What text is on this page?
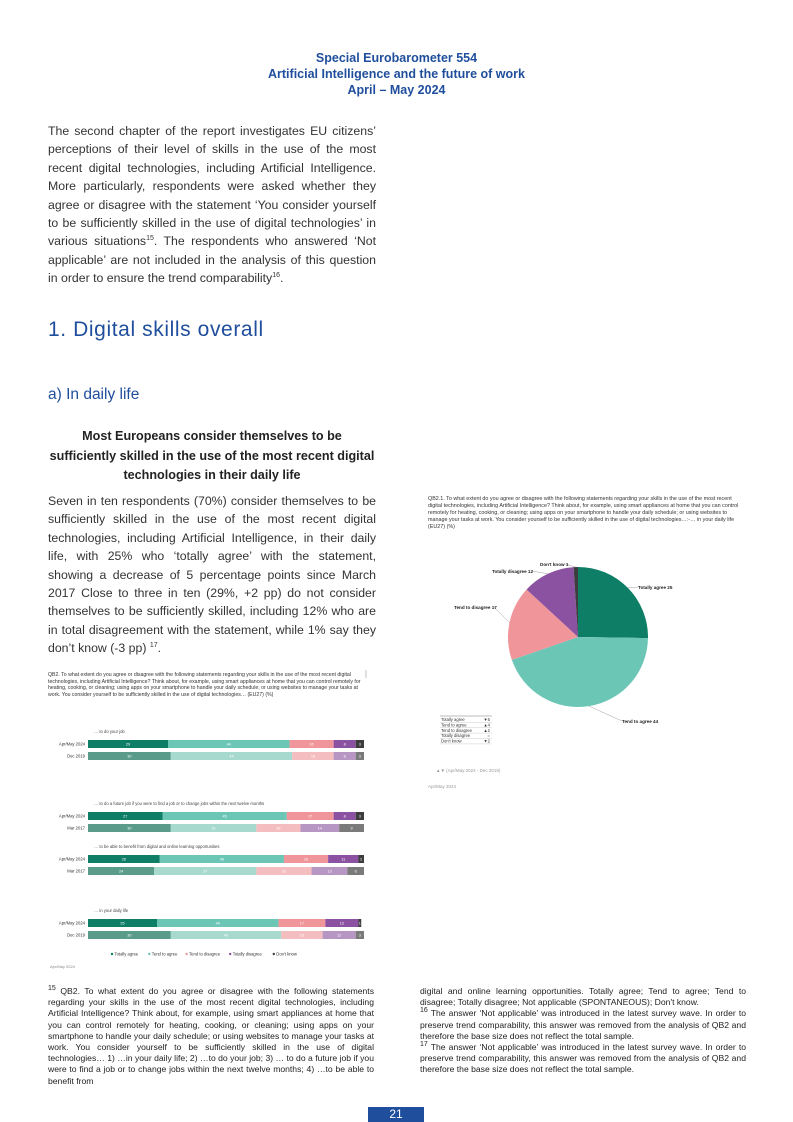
Special Eurobarometer 554
Artificial Intelligence and the future of work
April – May 2024

The second chapter of the report investigates EU citizens’ perceptions of their level of skills in the use of the most recent digital technologies, including Artificial Intelligence. More particularly, respondents were asked whether they agree or disagree with the statement ‘You consider yourself to be sufficiently skilled in the use of digital technologies’ in various situations$^{15}$. The respondents who answered ‘Not applicable’ are not included in the analysis of this question in order to ensure the trend comparability$^{16}$.

1. Digital skills overall
a) In daily life
Most Europeans consider themselves to be sufficiently skilled in the use of the most recent digital technologies in their daily life

Seven in ten respondents (70%) consider themselves to be sufficiently skilled in the use of the most recent digital technologies, including Artificial Intelligence, in their daily life, with 25% who ‘totally agree’ with the statement, showing a decrease of 5 percentage points since March 2017 Close to three in ten (29%, +2 pp) do not consider themselves to be sufficiently skilled, including 12% who are in total disagreement with the statement, while 1% say they don’t know (-3 pp) $^{17}$.

QB2. To what extent do you agree or disagree with the following statements regarding your skills in the use of the most recent digital technologies, including Artificial Intelligence? Think about, for example, using smart appliances at home that you can control remotely for heating, cooking, or cleaning; using apps on your smartphone to handle your daily schedule; or using websites to manage your tasks at work. You consider yourself to be sufficiently skilled in the use of digital technologies… (EU27) (%)
… to do your job
Apr/May 2024	29	44	16	8	3
Dec 2019	30	44	15	8	3
… to do a future job if you were to find a job or to change jobs within the next twelve months
Apr/May 2024	27	45	17	8	3
Mar 2017	30	31	16	14	9
… to be able to benefit from digital and online learning opportunities
Apr/May 2024	26	45	16	11	2
Mar 2017	24	37	20	13	6
… in your daily life
Apr/May 2024	25	44	17	12	1
Dec 2019	30	40	15	12	3
Totally agree	Tend to agree	Tend to disagree	Totally disagree	Don't know
Apr/May 2024
QB2.1. To what extent do you agree or disagree with the following statements regarding your skills in the use of the most recent digital technologies, including Artificial Intelligence? Think about, for example, using smart appliances at home that you can control remotely for heating, cooking, or cleaning; using apps on your smartphone to handle your daily schedule; or using websites to manage your tasks at work. You consider yourself to be sufficiently skilled in the use of digital technologies…:-… in your daily life (EU27) (%)
Totally agree 25
Tend to agree 44
Tend to disagree 17
Totally disagree 12
Don't know 1
Totally agree	▼5
Tend to agree	▲4
Tend to disagree	▲2
Totally disagree	=
Don't know	▼2
▲▼ (Apr/May 2024 - Dec 2019)
Apr/May 2024

$^{15}$ QB2. To what extent do you agree or disagree with the following statements regarding your skills in the use of the most recent digital technologies, including Artificial Intelligence? Think about, for example, using smart appliances at home that you can control remotely for heating, cooking, or cleaning; using apps on your smartphone to handle your daily schedule; or using websites to manage your tasks at work. You consider yourself to be sufficiently skilled in the use of digital technologies… 1) …in your daily life; 2) …to do your job; 3) … to do a future job if you were to find a job or to change jobs within the next twelve months; 4) …to be able to benefit from

digital and online learning opportunities. Totally agree; Tend to agree; Tend to disagree; Totally disagree; Not applicable (SPONTANEOUS); Don't know.

$^{16}$ The answer ‘Not applicable’ was introduced in the latest survey wave. In order to preserve trend comparability, this answer was removed from the analysis of QB2 and therefore the base size does not reflect the total sample.

$^{17}$ The answer ‘Not applicable’ was introduced in the latest survey wave. In order to preserve trend comparability, this answer was removed from the analysis of QB2 and therefore the base size does not reflect the total sample.

21
